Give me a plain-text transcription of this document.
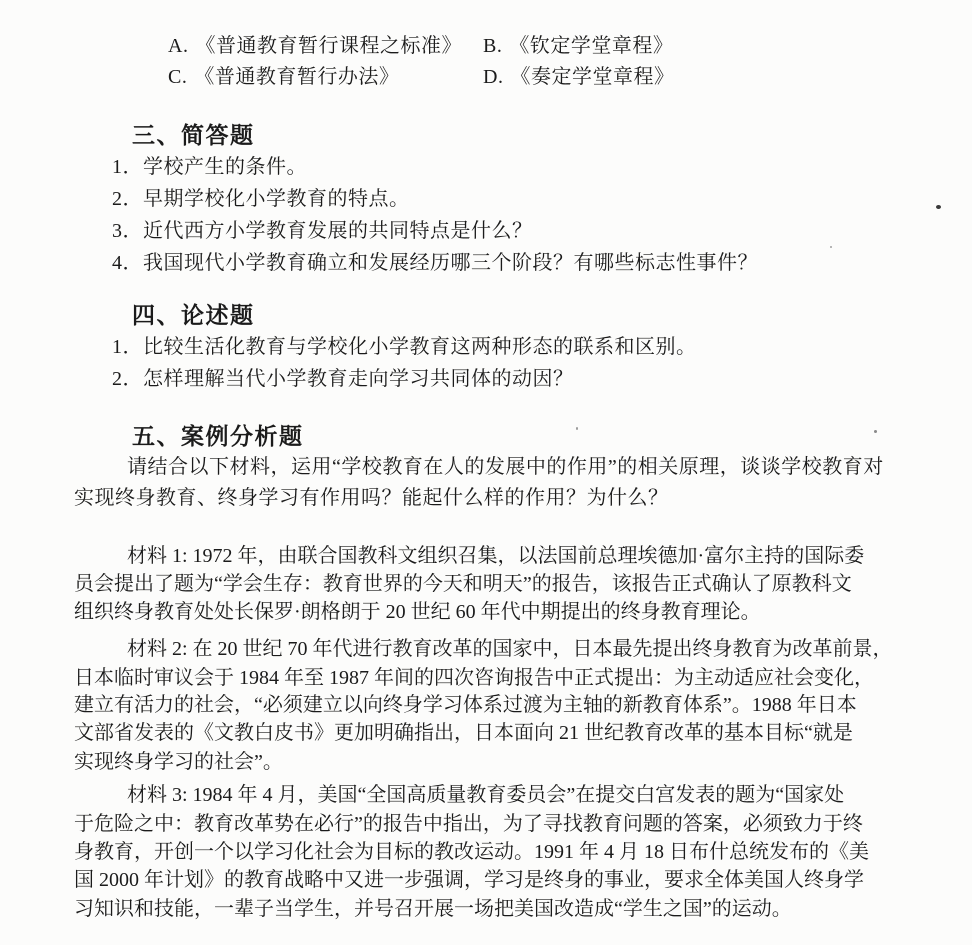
A. 《普通教育暂行课程之标准》 B. 《钦定学堂章程》
C. 《普通教育暂行办法》	D. 《奏定学堂章程》
三、简答题
1．学校产生的条件。
2．早期学校化小学教育的特点。
3．近代西方小学教育发展的共同特点是什么？
4．我国现代小学教育确立和发展经历哪三个阶段？有哪些标志性事件？
四、论述题
1．比较生活化教育与学校化小学教育这两种形态的联系和区别。
2．怎样理解当代小学教育走向学习共同体的动因？
五、案例分析题
请结合以下材料，运用“学校教育在人的发展中的作用”的相关原理，谈谈学校教育对
实现终身教育、终身学习有作用吗？能起什么样的作用？为什么？
材料 1: 1972 年，由联合国教科文组织召集，以法国前总理埃德加·富尔主持的国际委
员会提出了题为“学会生存：教育世界的今天和明天”的报告，该报告正式确认了原教科文
组织终身教育处处长保罗·朗格朗于 20 世纪 60 年代中期提出的终身教育理论。
材料 2: 在 20 世纪 70 年代进行教育改革的国家中，日本最先提出终身教育为改革前景，
日本临时审议会于 1984 年至 1987 年间的四次咨询报告中正式提出：为主动适应社会变化，
建立有活力的社会，“必须建立以向终身学习体系过渡为主轴的新教育体系”。1988 年日本
文部省发表的《文教白皮书》更加明确指出，日本面向 21 世纪教育改革的基本目标“就是
实现终身学习的社会”。
材料 3: 1984 年 4 月，美国“全国高质量教育委员会”在提交白宫发表的题为“国家处
于危险之中：教育改革势在必行”的报告中指出，为了寻找教育问题的答案，必须致力于终
身教育，开创一个以学习化社会为目标的教改运动。1991 年 4 月 18 日布什总统发布的《美
国 2000 年计划》的教育战略中又进一步强调，学习是终身的事业，要求全体美国人终身学
习知识和技能，一辈子当学生，并号召开展一场把美国改造成“学生之国”的运动。
